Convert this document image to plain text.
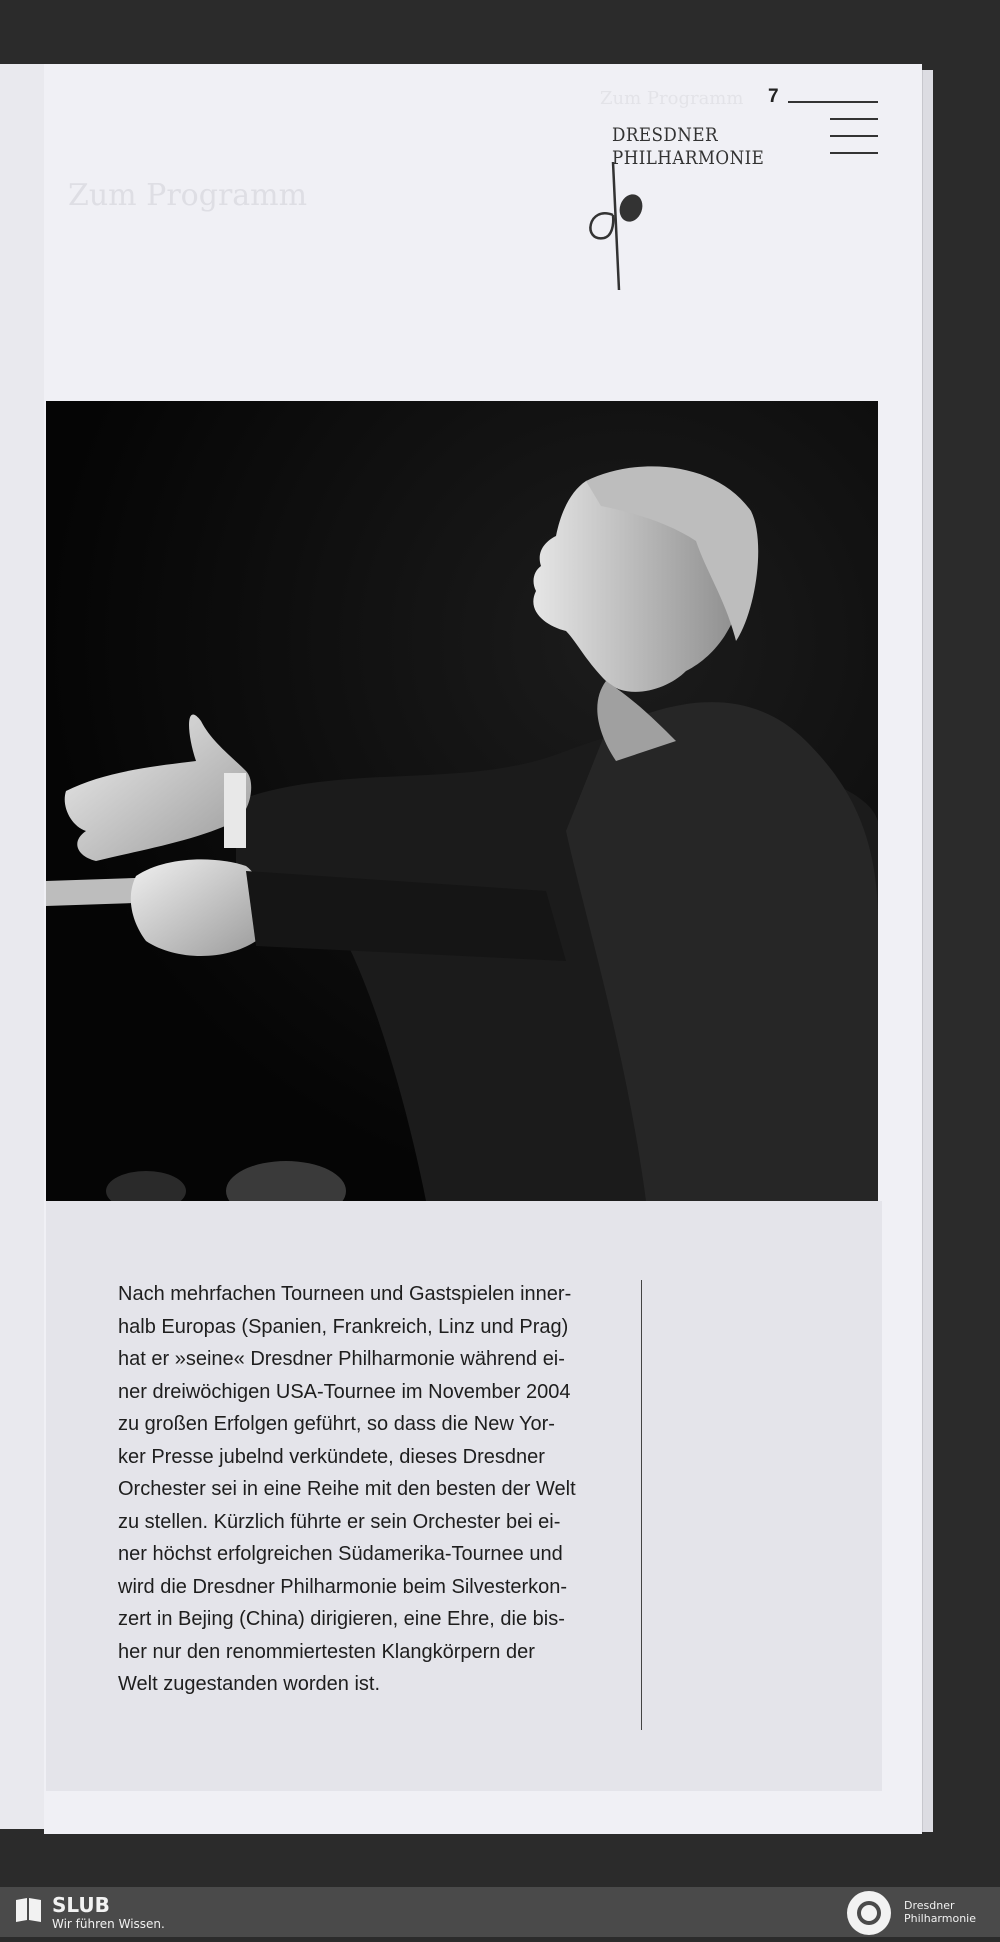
Zum Programm
Zum Programm
7
DRESDNER
PHILHARMONIE

Nach mehrfachen Tourneen und Gastspielen inner-

halb Europas (Spanien, Frankreich, Linz und Prag)

hat er »seine« Dresdner Philharmonie während ei-

ner dreiwöchigen USA-Tournee im November 2004

zu großen Erfolgen geführt, so dass die New Yor-

ker Presse jubelnd verkündete, dieses Dresdner

Orchester sei in eine Reihe mit den besten der Welt

zu stellen. Kürzlich führte er sein Orchester bei ei-

ner höchst erfolgreichen Südamerika-Tournee und

wird die Dresdner Philharmonie beim Silvesterkon-

zert in Bejing (China) dirigieren, eine Ehre, die bis-

her nur den renommiertesten Klangkörpern der

Welt zugestanden worden ist.

SLUB
Wir führen Wissen.
Dresdner
Philharmonie
